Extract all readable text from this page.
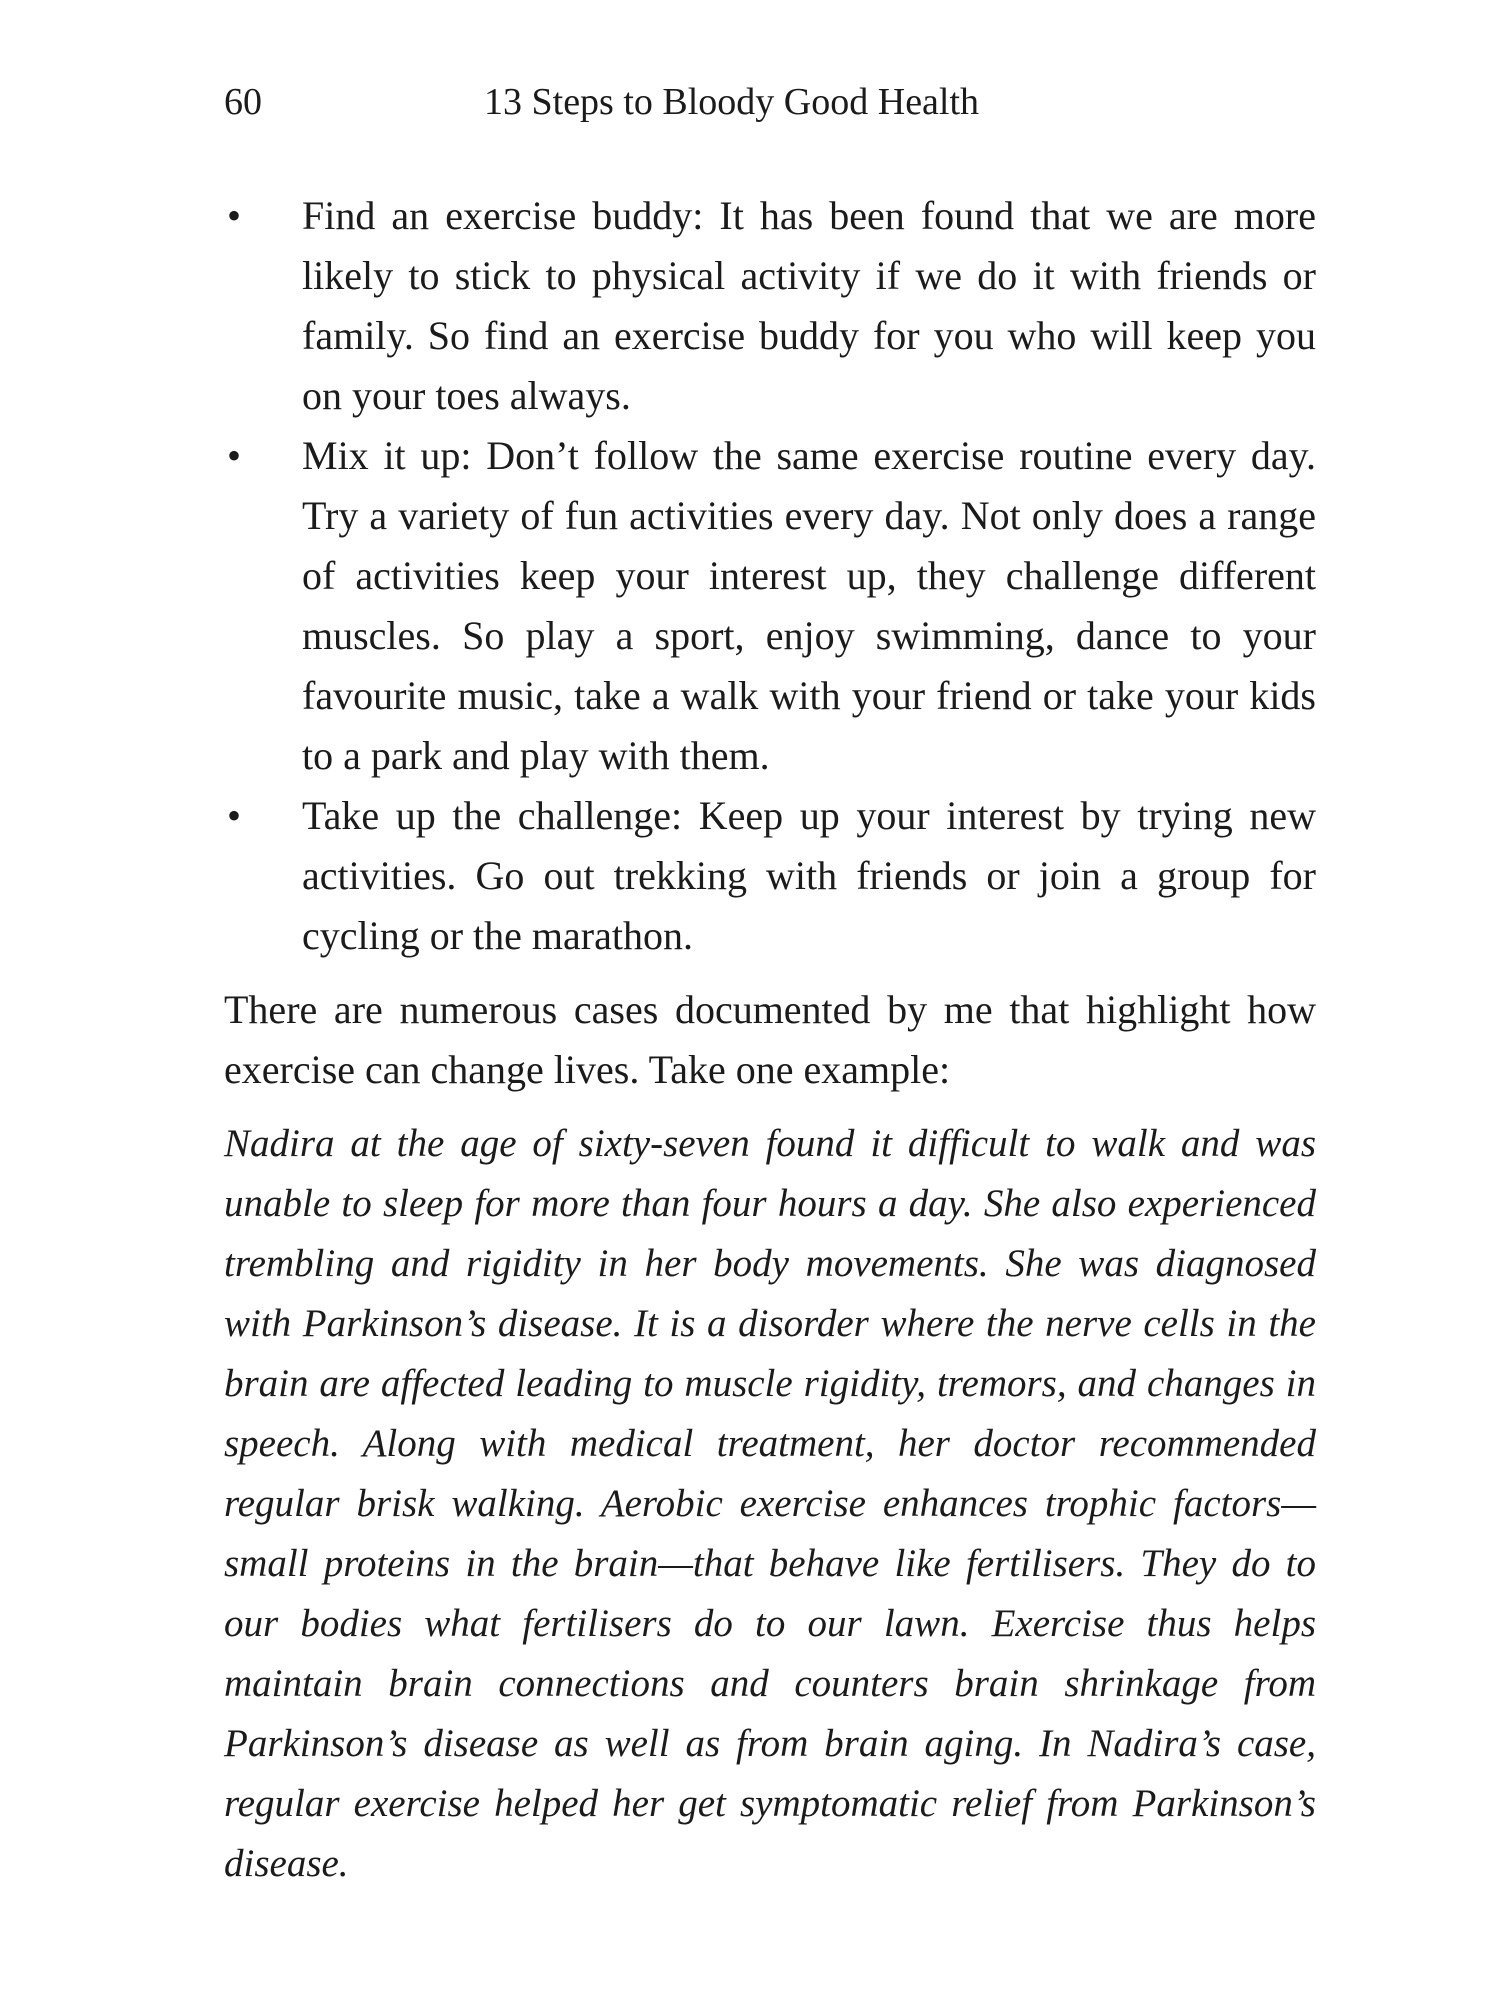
60	13 Steps to Bloody Good Health
• Find an exercise buddy: It has been found that we are more likely to stick to physical activity if we do it with friends or family. So find an exercise buddy for you who will keep you on your toes always.
• Mix it up: Don’t follow the same exercise routine every day. Try a variety of fun activities every day. Not only does a range of activities keep your interest up, they challenge different muscles. So play a sport, enjoy swimming, dance to your favourite music, take a walk with your friend or take your kids to a park and play with them.
• Take up the challenge: Keep up your interest by trying new activities. Go out trekking with friends or join a group for cycling or the marathon.

There are numerous cases documented by me that highlight how exercise can change lives. Take one example:

Nadira at the age of sixty-seven found it difficult to walk and was unable to sleep for more than four hours a day. She also experienced trembling and rigidity in her body movements. She was diagnosed with Parkinson’s disease. It is a disorder where the nerve cells in the brain are affected leading to muscle rigidity, tremors, and changes in speech. Along with medical treatment, her doctor recommended regular brisk walking. Aerobic exercise enhances trophic factors—small proteins in the brain—that behave like fertilisers. They do to our bodies what fertilisers do to our lawn. Exercise thus helps maintain brain connections and counters brain shrinkage from Parkinson’s disease as well as from brain aging. In Nadira’s case, regular exercise helped her get symptomatic relief from Parkinson’s disease.
